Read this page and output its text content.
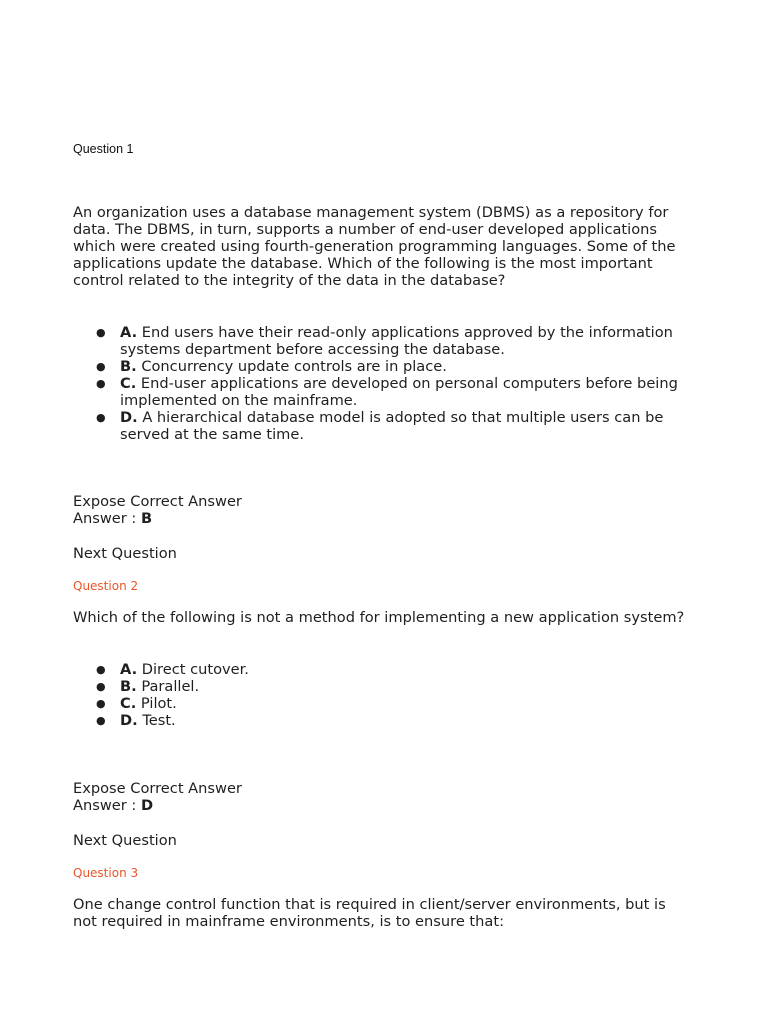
Question 1
An organization uses a database management system (DBMS) as a repository for data. The DBMS, in turn, supports a number of end-user developed applications which were created using fourth-generation programming languages. Some of the applications update the database. Which of the following is the most important control related to the integrity of the data in the database?
● A. End users have their read-only applications approved by the information systems department before accessing the database.
● B. Concurrency update controls are in place.
● C. End-user applications are developed on personal computers before being implemented on the mainframe.
● D. A hierarchical database model is adopted so that multiple users can be served at the same time.
Expose Correct Answer
Answer : B
Next Question
Question 2
Which of the following is not a method for implementing a new application system?
● A. Direct cutover.
● B. Parallel.
● C. Pilot.
● D. Test.
Expose Correct Answer
Answer : D
Next Question
Question 3
One change control function that is required in client/server environments, but is not required in mainframe environments, is to ensure that:
